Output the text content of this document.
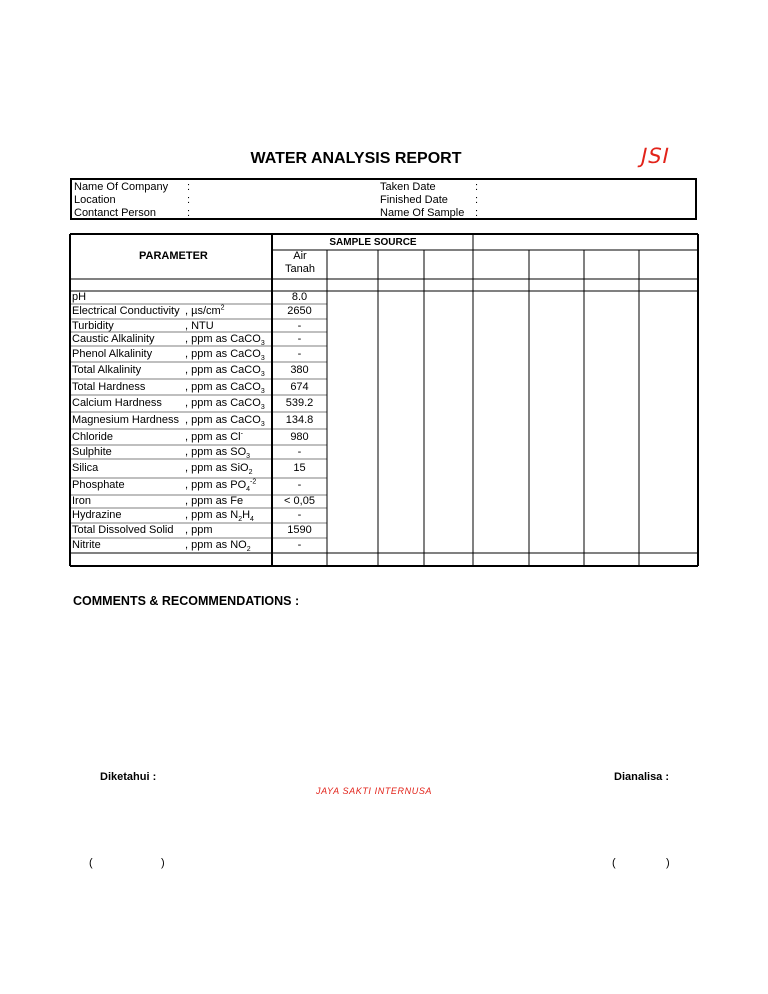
WATER ANALYSIS REPORT	JSI
Name Of Company :	Taken Date	:
Location	:	Finished Date :
Contanct Person	:	Name Of Sample :
PARAMETER
SAMPLE SOURCE
Air
Tanah
pH	8.0
Electrical Conductivity , $\mu s/cm^2$	2650
Turbidity	, NTU	-
Caustic Alkalinity	, ppm as CaCO$_3$	-
Phenol Alkalinity	, ppm as CaCO$_3$	-
Total Alkalinity	, ppm as CaCO$_3$	380
Total Hardness	, ppm as CaCO$_3$	674
Calcium Hardness , ppm as CaCO$_3$	539.2
Magnesium Hardness , ppm as CaCO$_3$	134.8
Chloride	, ppm as Cl-	980
Sulphite	, ppm as $SO_3$	-
Silica	, ppm as SiO$_2$	15
Phosphate	, ppm as $PO_4^{-2}$	-
Iron	, ppm as Fe	< 0,05
Hydrazine	, ppm as $N_2H_4$	-
Total Dissolved Solid , ppm	1590
Nitrite	, ppm as $NO_2$	-
COMMENTS & RECOMMENDATIONS :
Diketahui :	Dianalisa :
JAYA SAKTI INTERNUSA
(	)	(	)
